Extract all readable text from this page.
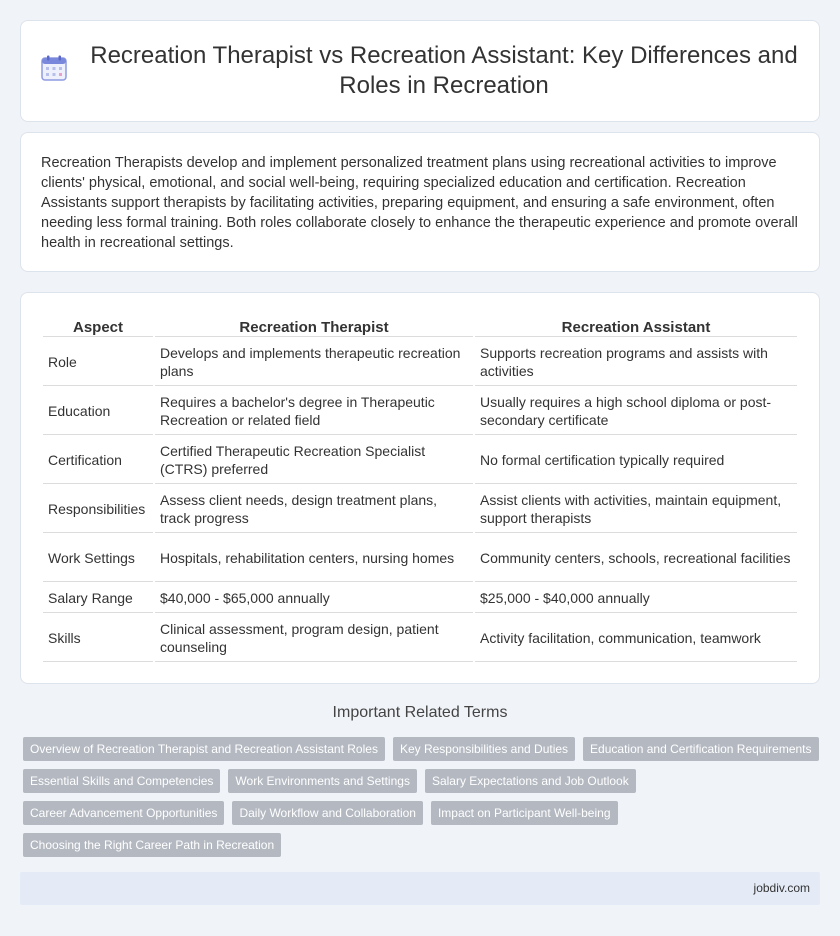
Recreation Therapist vs Recreation Assistant: Key Differences and Roles in Recreation

Recreation Therapists develop and implement personalized treatment plans using recreational activities to improve clients' physical, emotional, and social well-being, requiring specialized education and certification. Recreation Assistants support therapists by facilitating activities, preparing equipment, and ensuring a safe environment, often needing less formal training. Both roles collaborate closely to enhance the therapeutic experience and promote overall health in recreational settings.

Aspect	Recreation Therapist	Recreation Assistant
Role	Develops and implements therapeutic recreation plans	Supports recreation programs and assists with activities
Education	Requires a bachelor's degree in Therapeutic Recreation or related field	Usually requires a high school diploma or post-secondary certificate
Certification	Certified Therapeutic Recreation Specialist (CTRS) preferred	No formal certification typically required
Responsibilities	Assess client needs, design treatment plans, track progress	Assist clients with activities, maintain equipment, support therapists
Work Settings	Hospitals, rehabilitation centers, nursing homes	Community centers, schools, recreational facilities
Salary Range	$40,000 - $65,000 annually	$25,000 - $40,000 annually
Skills	Clinical assessment, program design, patient counseling	Activity facilitation, communication, teamwork
Important Related Terms
Overview of Recreation Therapist and Recreation Assistant Roles	Key Responsibilities and Duties	Education and Certification Requirements
Essential Skills and Competencies	Work Environments and Settings	Salary Expectations and Job Outlook
Career Advancement Opportunities	Daily Workflow and Collaboration	Impact on Participant Well-being
Choosing the Right Career Path in Recreation
jobdiv.com
